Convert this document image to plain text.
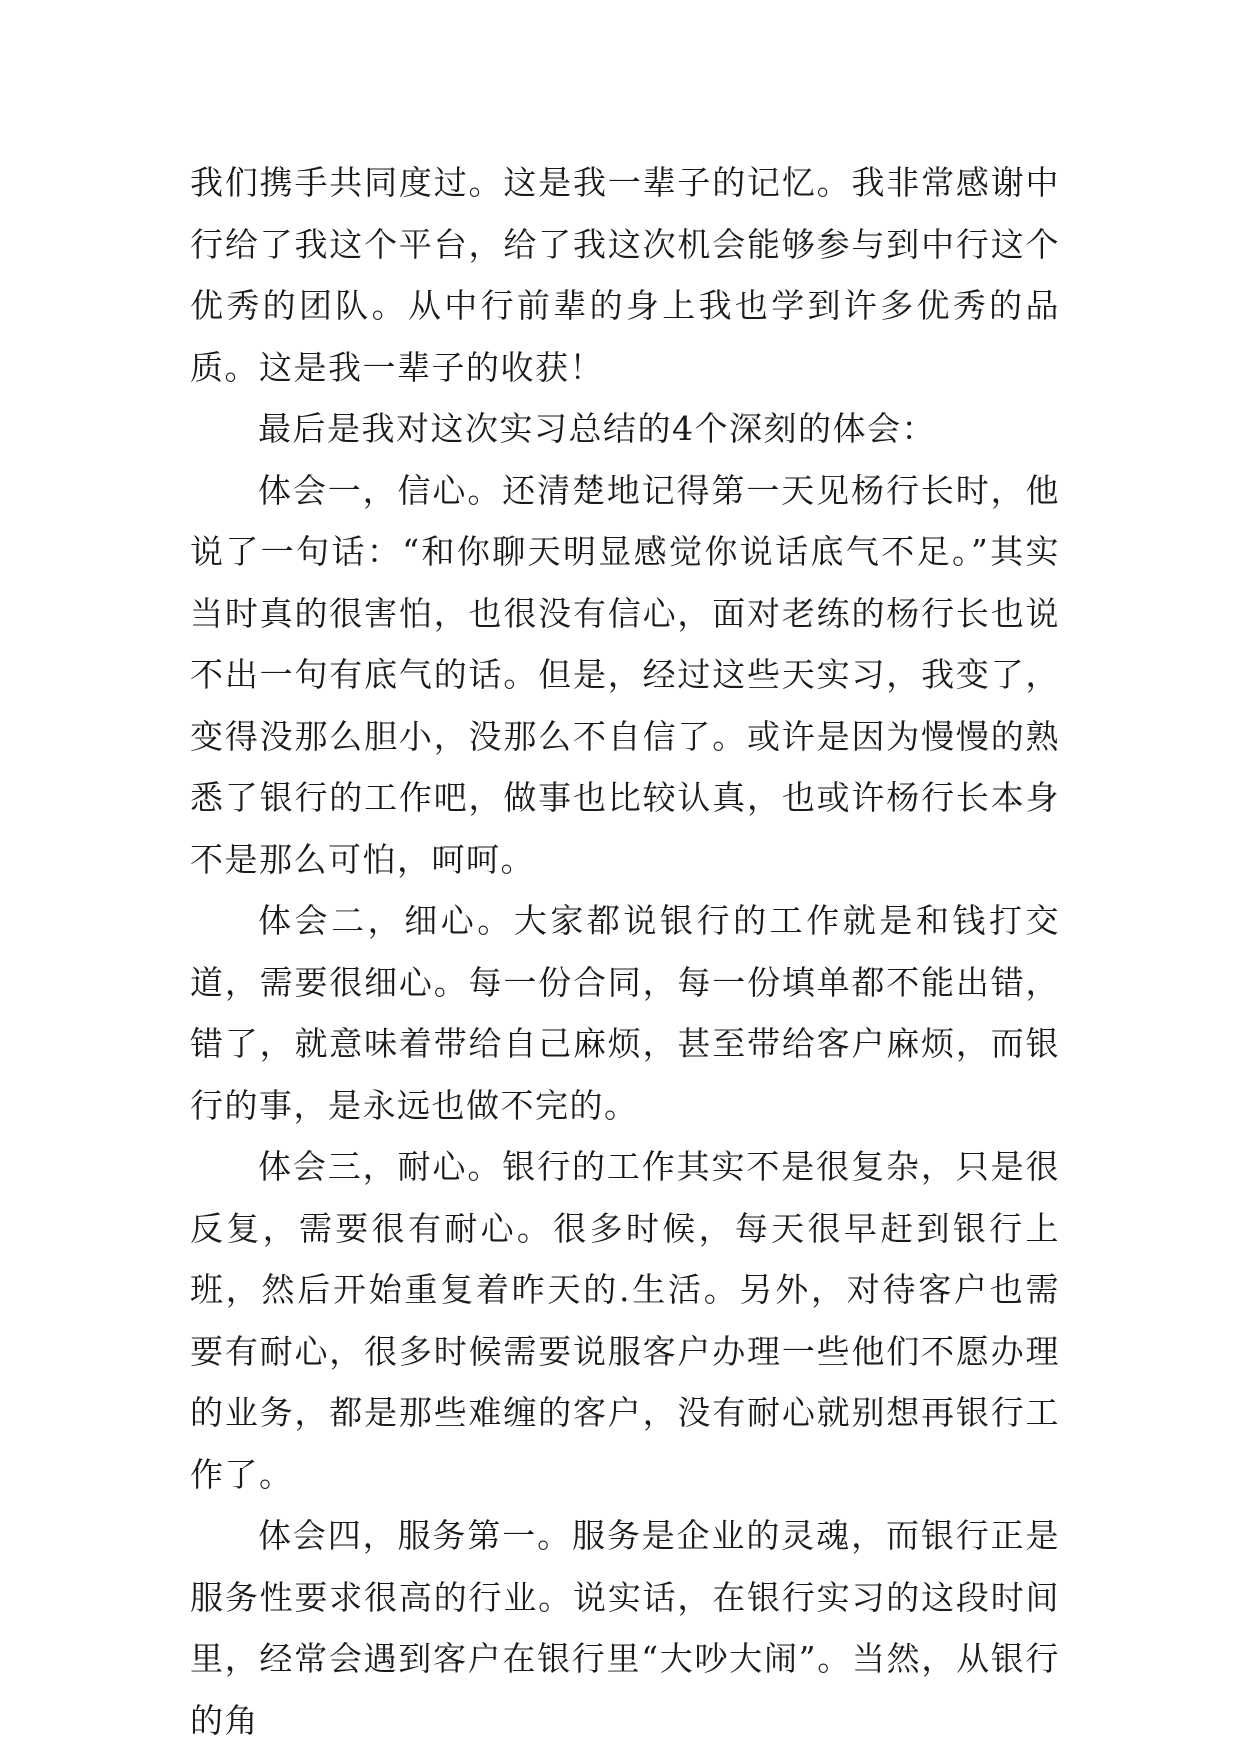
我们携手共同度过。这是我一辈子的记忆。我非常感谢中行给了我这个平台，给了我这次机会能够参与到中行这个优秀的团队。从中行前辈的身上我也学到许多优秀的品质。这是我一辈子的收获！

最后是我对这次实习总结的4个深刻的体会：

体会一，信心。还清楚地记得第一天见杨行长时，他说了一句话：“和你聊天明显感觉你说话底气不足。”其实当时真的很害怕，也很没有信心，面对老练的杨行长也说不出一句有底气的话。但是，经过这些天实习，我变了，变得没那么胆小，没那么不自信了。或许是因为慢慢的熟悉了银行的工作吧，做事也比较认真，也或许杨行长本身不是那么可怕，呵呵。

体会二，细心。大家都说银行的工作就是和钱打交道，需要很细心。每一份合同，每一份填单都不能出错，错了，就意味着带给自己麻烦，甚至带给客户麻烦，而银行的事，是永远也做不完的。

体会三，耐心。银行的工作其实不是很复杂，只是很反复，需要很有耐心。很多时候，每天很早赶到银行上班，然后开始重复着昨天的.生活。另外，对待客户也需要有耐心，很多时候需要说服客户办理一些他们不愿办理的业务，都是那些难缠的客户，没有耐心就别想再银行工作了。

体会四，服务第一。服务是企业的灵魂，而银行正是服务性要求很高的行业。说实话，在银行实习的这段时间里，经常会遇到客户在银行里“大吵大闹”。当然，从银行的角
